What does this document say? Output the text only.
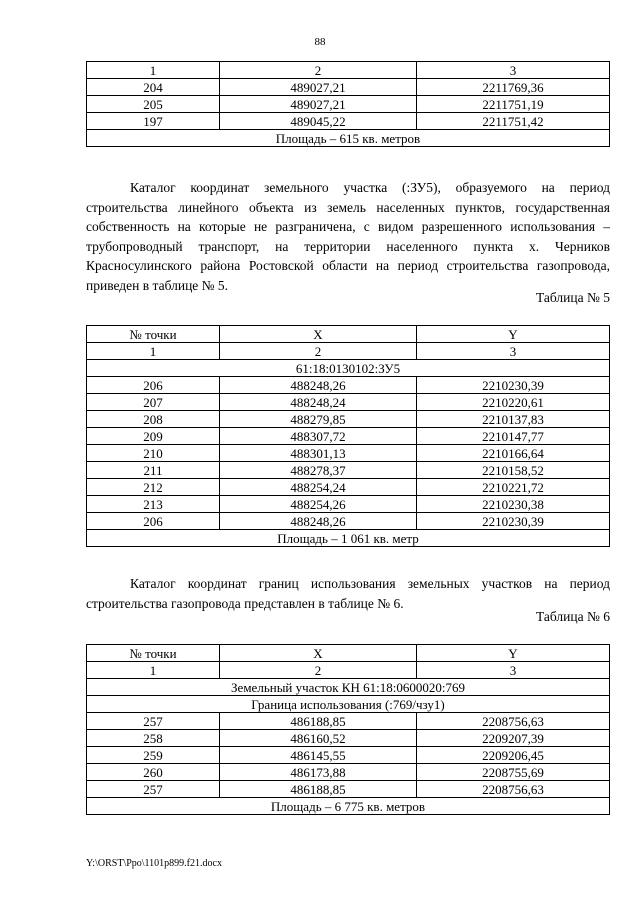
88
1	2	3
204	489027,21	2211769,36
205	489027,21	2211751,19
197	489045,22	2211751,42
Площадь – 615 кв. метров		

Каталог координат земельного участка (:ЗУ5), образуемого на период строительства линейного объекта из земель населенных пунктов, государственная собственность на которые не разграничена, с видом разрешенного использования – трубопроводный транспорт, на территории населенного пункта х. Черников Красносулинского района Ростовской области на период строительства газопровода, приведен в таблице № 5.

Таблица № 5
№ точки	X	Y
1	2	3
61:18:0130102:ЗУ5		
206	488248,26	2210230,39
207	488248,24	2210220,61
208	488279,85	2210137,83
209	488307,72	2210147,77
210	488301,13	2210166,64
211	488278,37	2210158,52
212	488254,24	2210221,72
213	488254,26	2210230,38
206	488248,26	2210230,39
Площадь – 1 061 кв. метр		

Каталог координат границ использования земельных участков на период строительства газопровода представлен в таблице № 6.

Таблица № 6
№ точки	X	Y
1	2	3
Земельный участок КН 61:18:0600020:769		
Граница использования (:769/чзу1)		
257	486188,85	2208756,63
258	486160,52	2209207,39
259	486145,55	2209206,45
260	486173,88	2208755,69
257	486188,85	2208756,63
Площадь – 6 775 кв. метров		
Y:\ORST\Ppo\1101p899.f21.docx
